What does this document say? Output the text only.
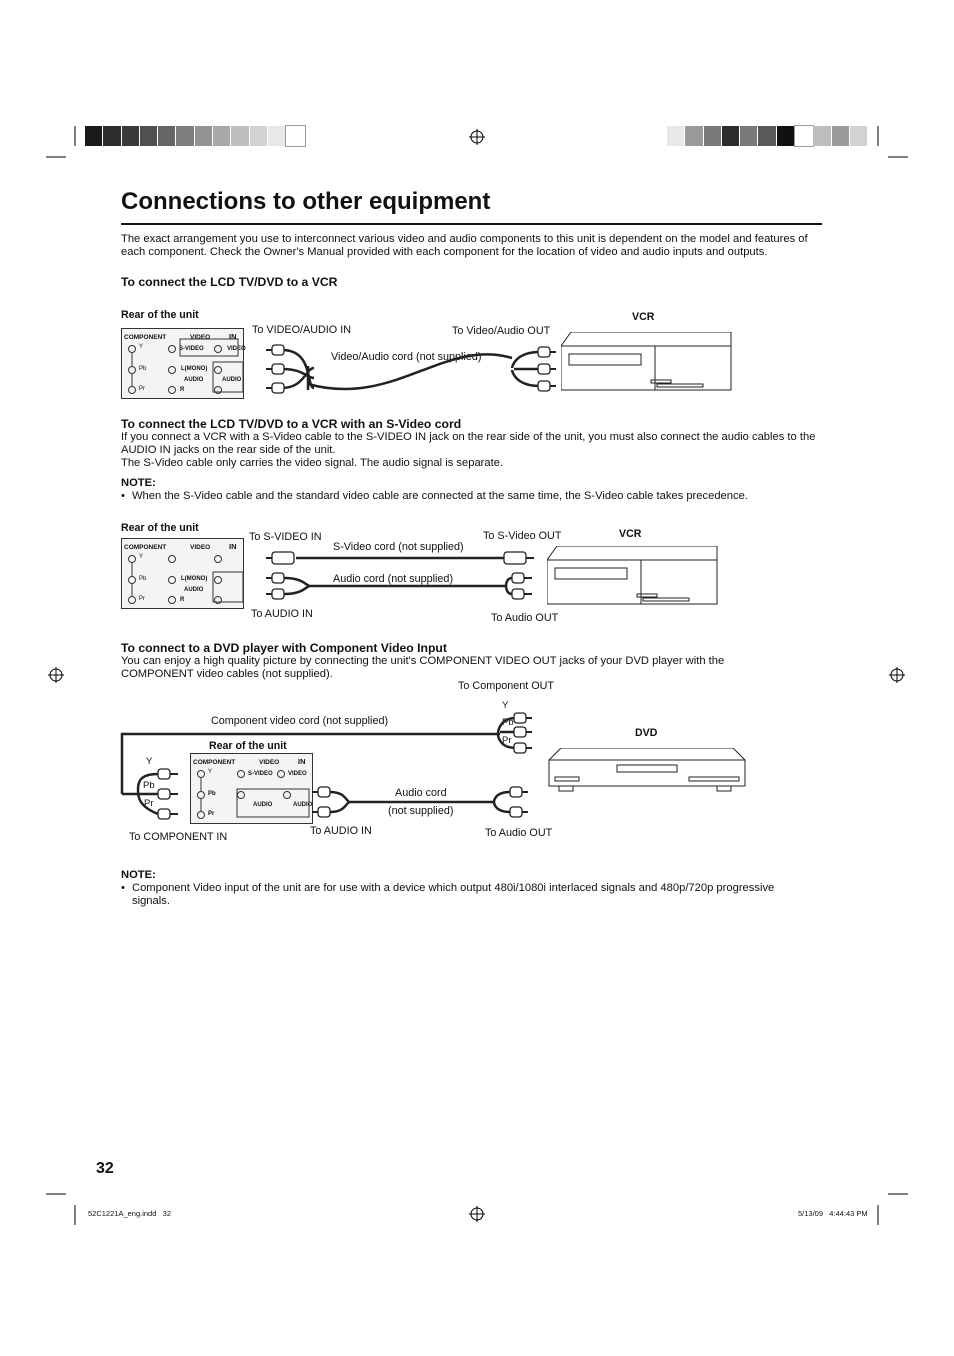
Connections to other equipment
The exact arrangement you use to interconnect various video and audio components to this unit is dependent on the model and features of each component. Check the Owner's Manual provided with each component for the location of video and audio inputs and outputs.
To connect the LCD TV/DVD to a VCR
Rear of the unit	VCR
To VIDEO/AUDIO IN	To Video/Audio OUT
Video/Audio cord (not supplied)
COMPONENT	VIDEO	IN
Y
Pb
Pr
S-VIDEO	VIDEO
L(MONO)
AUDIO	AUDIO
R
To connect the LCD TV/DVD to a VCR with an S-Video cord
If you connect a VCR with a S-Video cable to the S-VIDEO IN jack on the rear side of the unit, you must also connect the audio cables to the AUDIO IN jacks on the rear side of the unit.
The S-Video cable only carries the video signal. The audio signal is separate.
NOTE:
• When the S-Video cable and the standard video cable are connected at the same time, the S-Video cable takes precedence.
Rear of the unit	VCR
To S-VIDEO IN
S-Video cord (not supplied)
To S-Video OUT
Audio cord (not supplied)
To AUDIO IN	To Audio OUT
COMPONENT	VIDEO	IN
Y
Pb
Pr
L(MONO)
AUDIO
R
To connect to a DVD player with Component Video Input
You can enjoy a high quality picture by connecting the unit's COMPONENT VIDEO OUT jacks of your DVD player with the COMPONENT video cables (not supplied).
To Component OUT
Component video cord (not supplied)
Rear of the unit
DVD
Y
Pb
Pr
Y
Pb
Pr
Audio cord
(not supplied)
To COMPONENT IN	To AUDIO IN	To Audio OUT
COMPONENT	VIDEO	IN
Y
Pb
Pr
S-VIDEO	VIDEO
AUDIO	AUDIO
NOTE:
• Component Video input of the unit are for use with a device which output 480i/1080i interlaced signals and 480p/720p progressive signals.
32
52C1221A_eng.indd   32	5/13/09   4:44:43 PM
